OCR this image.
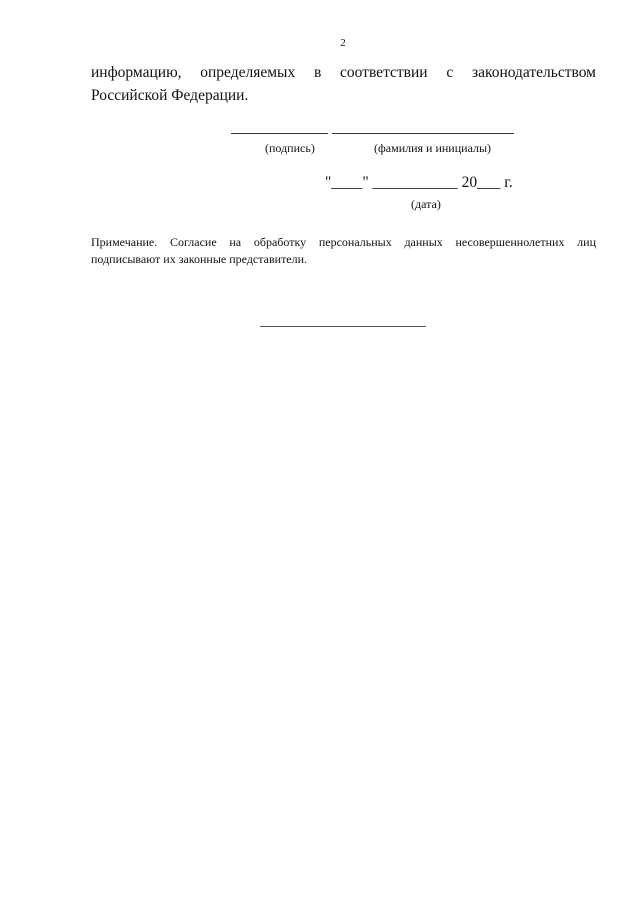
2

информацию, определяемых в соответствии с законодательством Российской Федерации.

(подпись)	(фамилия и инициалы)
"____" ___________ 20___ г.
(дата)

Примечание. Согласие на обработку персональных данных несовершеннолетних лиц подписывают их законные представители.
